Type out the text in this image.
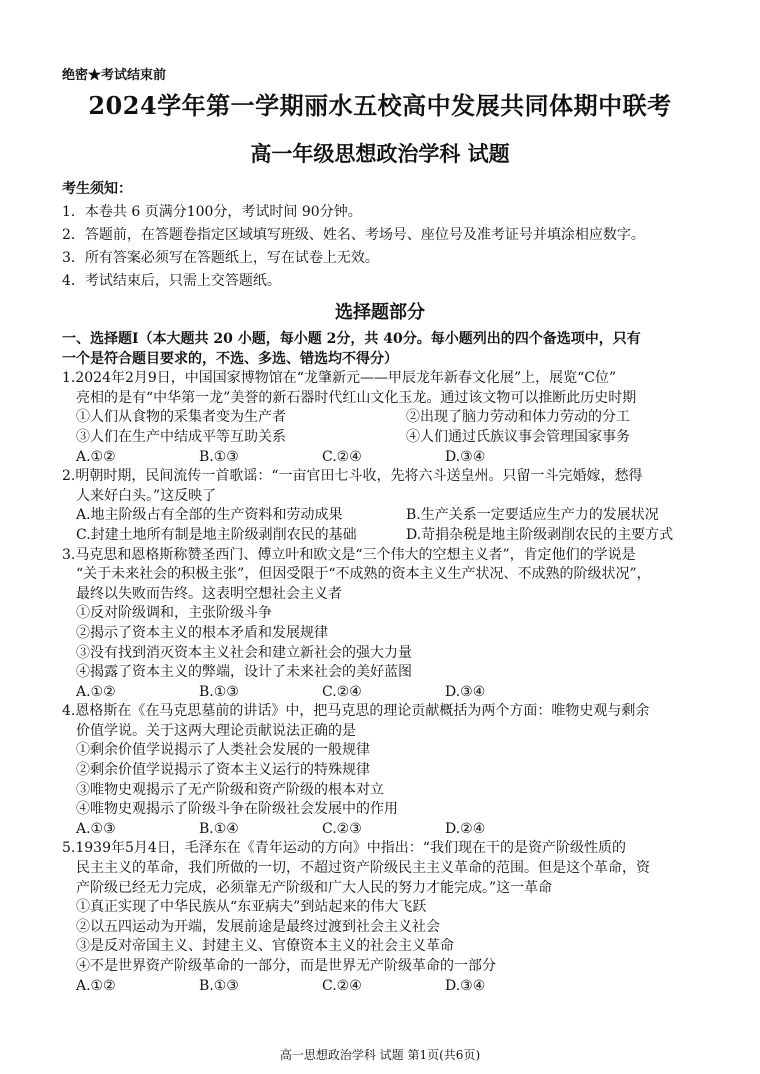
绝密★考试结束前
2024学年第一学期丽水五校高中发展共同体期中联考
高一年级思想政治学科 试题
考生须知：
1．本卷共 6 页满分100分，考试时间 90分钟。
2．答题前，在答题卷指定区域填写班级、姓名、考场号、座位号及准考证号并填涂相应数字。
3．所有答案必须写在答题纸上，写在试卷上无效。
4．考试结束后，只需上交答题纸。
选择题部分
一、选择题Ⅰ（本大题共 20 小题，每小题 2分，共 40分。每小题列出的四个备选项中，只有
一个是符合题目要求的，不选、多选、错选均不得分）
1.2024年2月9日，中国国家博物馆在“龙肇新元——甲辰龙年新春文化展”上，展览“C位”
亮相的是有“中华第一龙”美誉的新石器时代红山文化玉龙。通过该文物可以推断此历史时期
①人们从食物的采集者变为生产者	②出现了脑力劳动和体力劳动的分工
③人们在生产中结成平等互助关系	④人们通过氏族议事会管理国家事务
A.①②	B.①③	C.②④	D.③④
2.明朝时期，民间流传一首歌谣：“一亩官田七斗收，先将六斗送皇州。只留一斗完婚嫁，愁得
人来好白头。”这反映了
A.地主阶级占有全部的生产资料和劳动成果	B.生产关系一定要适应生产力的发展状况
C.封建土地所有制是地主阶级剥削农民的基础	D.苛捐杂税是地主阶级剥削农民的主要方式
3.马克思和恩格斯称赞圣西门、傅立叶和欧文是“三个伟大的空想主义者”，肯定他们的学说是
“关于未来社会的积极主张”，但因受限于“不成熟的资本主义生产状况、不成熟的阶级状况”，
最终以失败而告终。这表明空想社会主义者
①反对阶级调和，主张阶级斗争
②揭示了资本主义的根本矛盾和发展规律
③没有找到消灭资本主义社会和建立新社会的强大力量
④揭露了资本主义的弊端，设计了未来社会的美好蓝图
A.①②	B.①③	C.②④	D.③④
4.恩格斯在《在马克思墓前的讲话》中，把马克思的理论贡献概括为两个方面：唯物史观与剩余
价值学说。关于这两大理论贡献说法正确的是
①剩余价值学说揭示了人类社会发展的一般规律
②剩余价值学说揭示了资本主义运行的特殊规律
③唯物史观揭示了无产阶级和资产阶级的根本对立
④唯物史观揭示了阶级斗争在阶级社会发展中的作用
A.①③	B.①④	C.②③	D.②④
5.1939年5月4日，毛泽东在《青年运动的方向》中指出：“我们现在干的是资产阶级性质的
民主主义的革命，我们所做的一切，不超过资产阶级民主主义革命的范围。但是这个革命，资
产阶级已经无力完成，必须靠无产阶级和广大人民的努力才能完成。”这一革命
①真正实现了中华民族从“东亚病夫”到站起来的伟大飞跃
②以五四运动为开端，发展前途是最终过渡到社会主义社会
③是反对帝国主义、封建主义、官僚资本主义的社会主义革命
④不是世界资产阶级革命的一部分，而是世界无产阶级革命的一部分
A.①②	B.①③	C.②④	D.③④
高一思想政治学科 试题 第1页(共6页)
